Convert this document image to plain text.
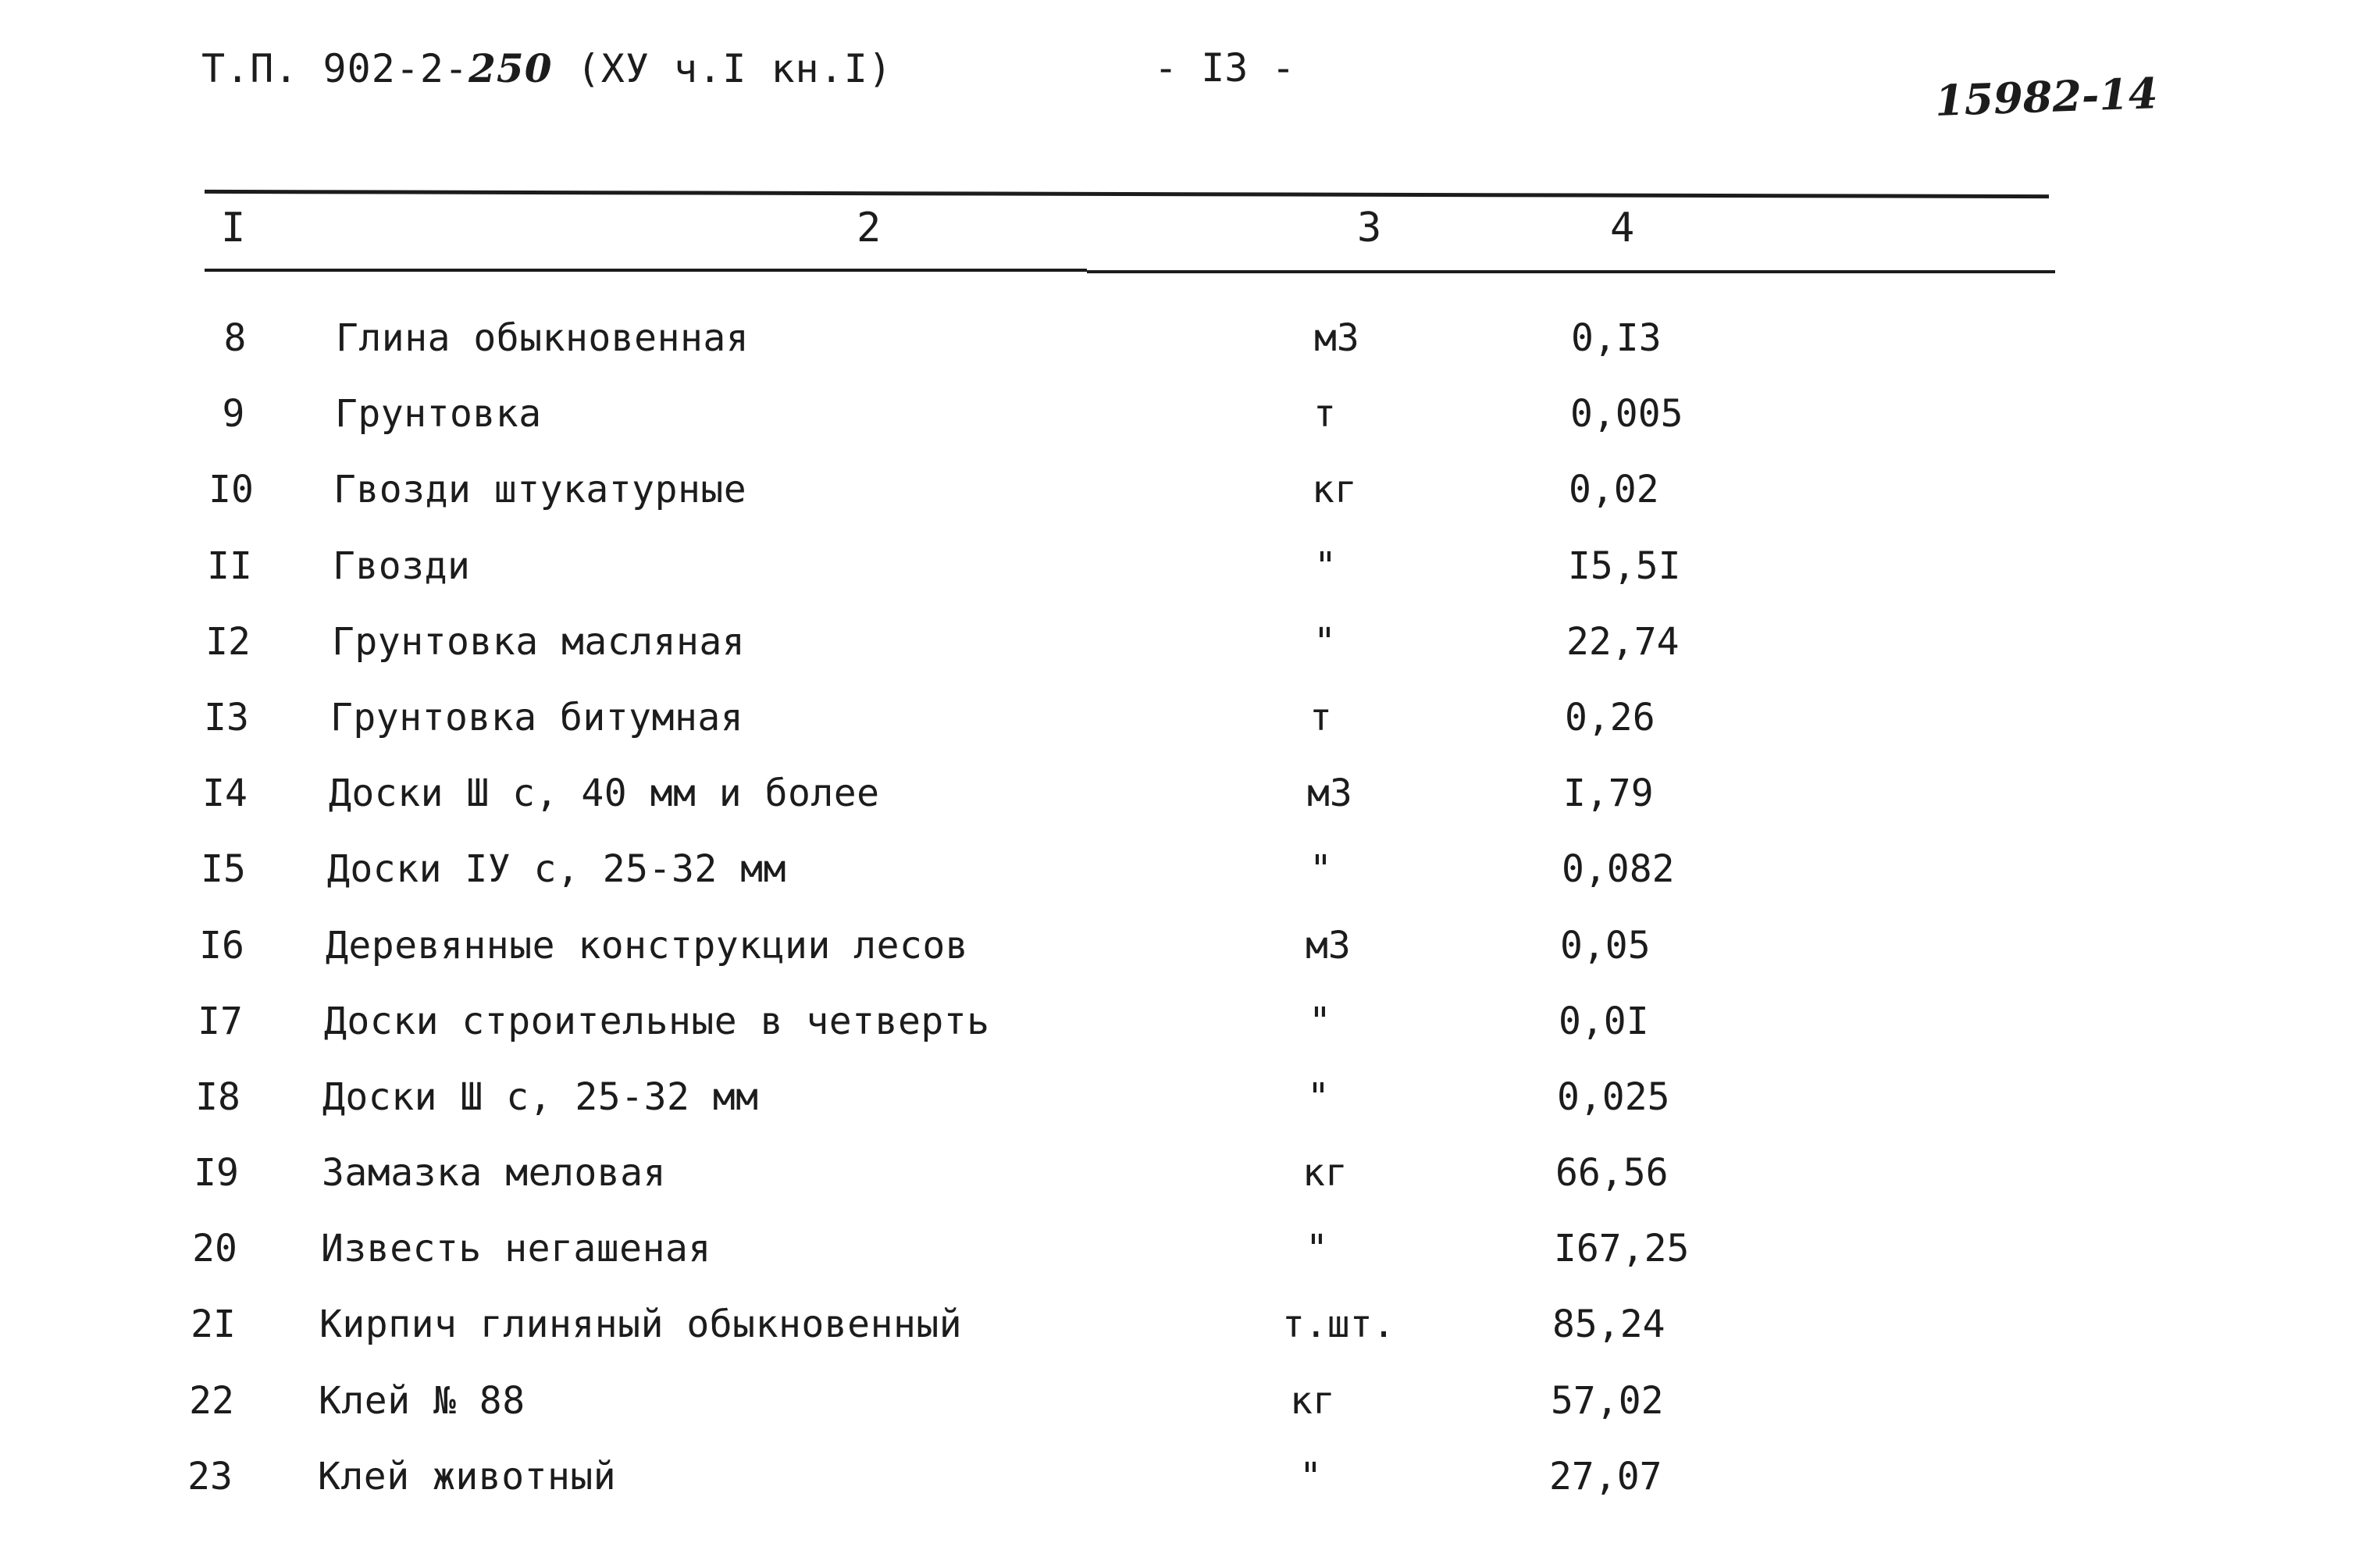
Т.П. 902-2-250 (ХУ ч.I кн.I)	- I3 -
15982-14
I	2	3	4
8	Глина обыкновенная	м3	0,I3
9	Грунтовка	т	0,005
I0	Гвозди штукатурные	кг	0,02
II	Гвозди	"	I5,5I
I2	Грунтовка масляная	"	22,74
I3	Грунтовка битумная	т	0,26
I4	Доски Ш с, 40 мм и более	м3	I,79
I5	Доски IУ с, 25-32 мм	"	0,082
I6	Деревянные конструкции лесов	м3	0,05
I7	Доски строительные в четверть	"	0,0I
I8	Доски Ш с, 25-32 мм	"	0,025
I9	Замазка меловая	кг	66,56
20	Известь негашеная	"	I67,25
2I	Кирпич глиняный обыкновенный	т.шт.	85,24
22	Клей № 88	кг	57,02
23	Клей животный	"	27,07
